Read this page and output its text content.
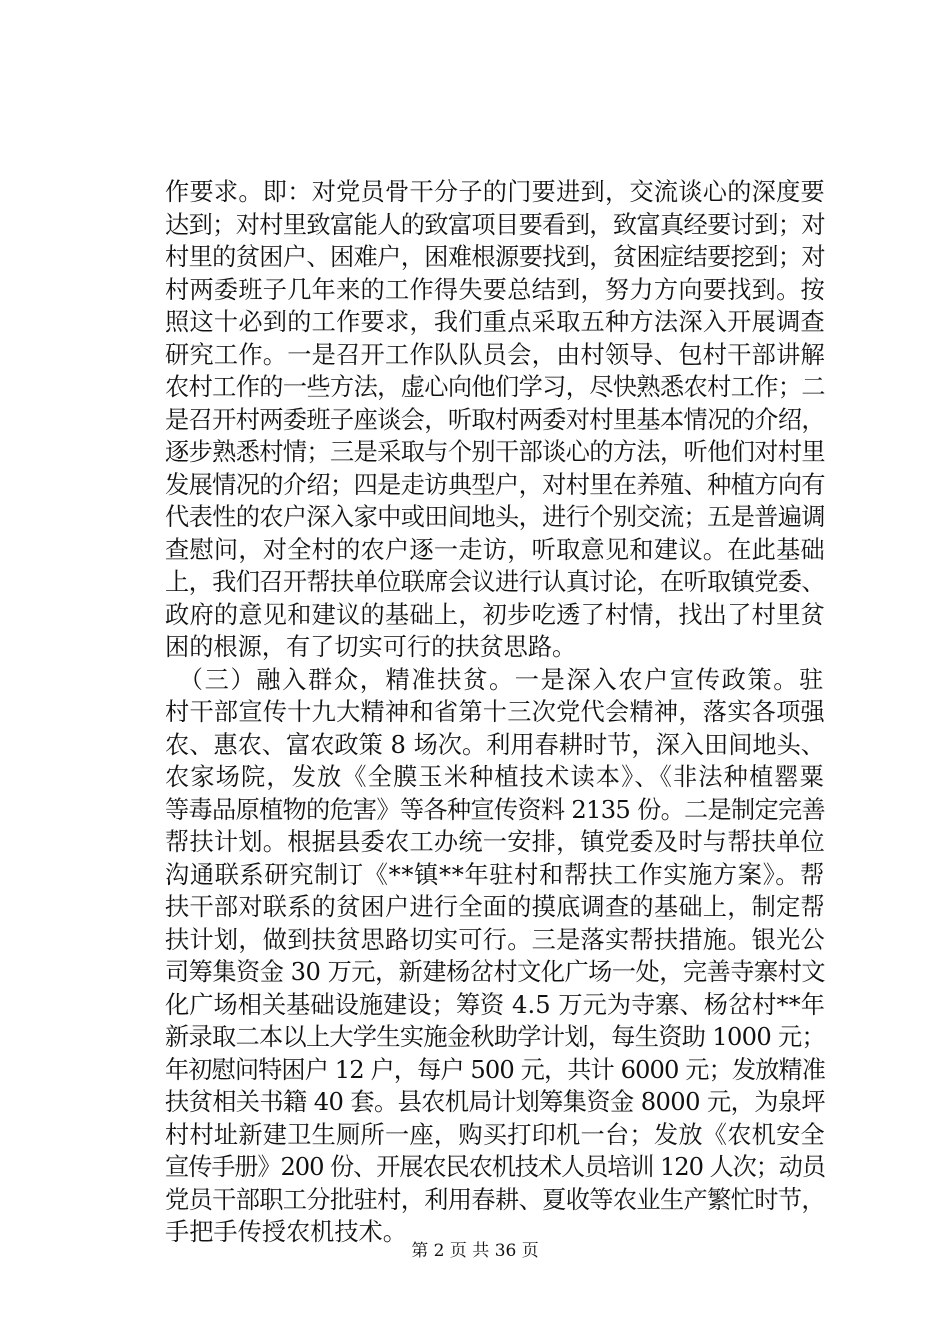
作要求。即：对党员骨干分子的门要进到，交流谈心的深度要
达到；对村里致富能人的致富项目要看到，致富真经要讨到；对
村里的贫困户、困难户，困难根源要找到，贫困症结要挖到；对
村两委班子几年来的工作得失要总结到，努力方向要找到。按
照这十必到的工作要求，我们重点采取五种方法深入开展调查
研究工作。一是召开工作队队员会，由村领导、包村干部讲解
农村工作的一些方法，虚心向他们学习，尽快熟悉农村工作；二
是召开村两委班子座谈会，听取村两委对村里基本情况的介绍，
逐步熟悉村情；三是采取与个别干部谈心的方法，听他们对村里
发展情况的介绍；四是走访典型户，对村里在养殖、种植方向有
代表性的农户深入家中或田间地头，进行个别交流；五是普遍调
查慰问，对全村的农户逐一走访，听取意见和建议。在此基础
上，我们召开帮扶单位联席会议进行认真讨论，在听取镇党委、
政府的意见和建议的基础上，初步吃透了村情，找出了村里贫
困的根源，有了切实可行的扶贫思路。
　（三）融入群众，精准扶贫。一是深入农户宣传政策。驻
村干部宣传十九大精神和省第十三次党代会精神，落实各项强
农、惠农、富农政策 8 场次。利用春耕时节，深入田间地头、
农家场院，发放《全膜玉米种植技术读本》、《非法种植罂粟
等毒品原植物的危害》等各种宣传资料 2135 份。二是制定完善
帮扶计划。根据县委农工办统一安排，镇党委及时与帮扶单位
沟通联系研究制订《**镇**年驻村和帮扶工作实施方案》。帮
扶干部对联系的贫困户进行全面的摸底调查的基础上，制定帮
扶计划，做到扶贫思路切实可行。三是落实帮扶措施。银光公
司筹集资金 30 万元，新建杨岔村文化广场一处，完善寺寨村文
化广场相关基础设施建设；筹资 4.5 万元为寺寨、杨岔村**年
新录取二本以上大学生实施金秋助学计划，每生资助 1000 元；
年初慰问特困户 12 户，每户 500 元，共计 6000 元；发放精准
扶贫相关书籍 40 套。县农机局计划筹集资金 8000 元，为泉坪
村村址新建卫生厕所一座，购买打印机一台；发放《农机安全
宣传手册》200 份、开展农民农机技术人员培训 120 人次；动员
党员干部职工分批驻村，利用春耕、夏收等农业生产繁忙时节，
手把手传授农机技术。
第 2 页 共 36 页
